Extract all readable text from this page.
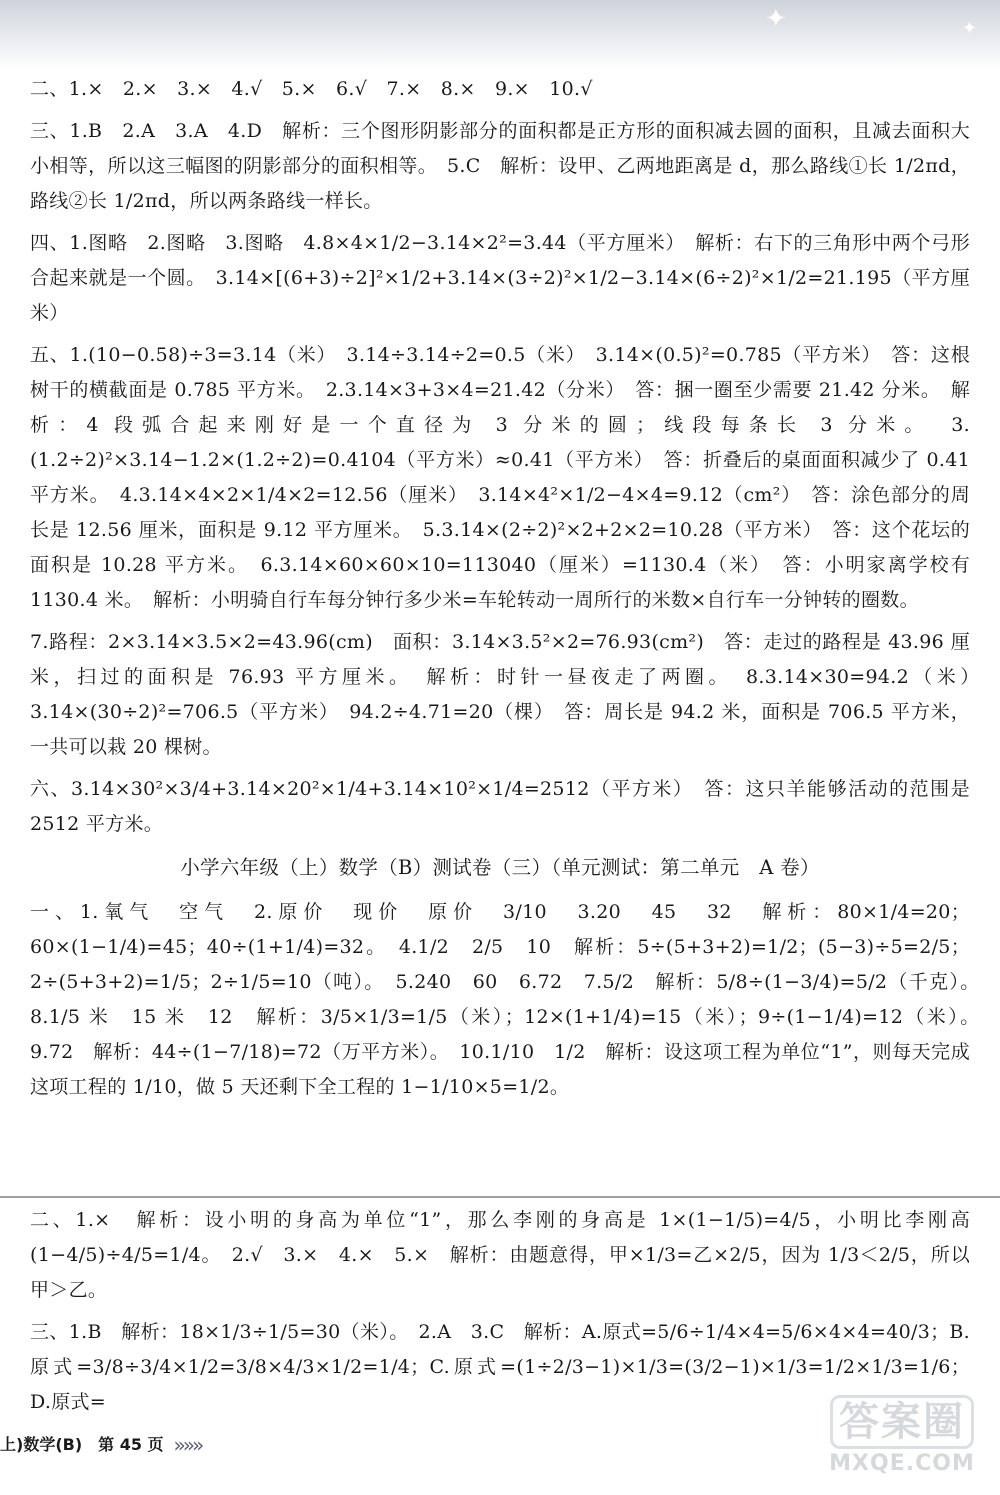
✦	✦

二、1.×　2.×　3.×　4.√　5.×　6.√　7.×　8.×　9.×　10.√

三、1.B　2.A　3.A　4.D　解析：三个图形阴影部分的面积都是正方形的面积减去圆的面积，且减去面积大小相等，所以这三幅图的阴影部分的面积相等。　5.C　解析：设甲、乙两地距离是 d，那么路线①长 1/2πd，路线②长 1/2πd，所以两条路线一样长。

四、1.图略　2.图略　3.图略　4.8×4×1/2−3.14×2²=3.44（平方厘米）　解析：右下的三角形中两个弓形合起来就是一个圆。　3.14×[(6+3)÷2]²×1/2+3.14×(3÷2)²×1/2−3.14×(6÷2)²×1/2=21.195（平方厘米）

五、1.(10−0.58)÷3=3.14（米）　3.14÷3.14÷2=0.5（米）　3.14×(0.5)²=0.785（平方米）　答：这根树干的横截面是 0.785 平方米。　2.3.14×3+3×4=21.42（分米）　答：捆一圈至少需要 21.42 分米。　解析：4 段弧合起来刚好是一个直径为 3 分米的圆；线段每条长 3 分米。　3.(1.2÷2)²×3.14−1.2×(1.2÷2)=0.4104（平方米）≈0.41（平方米）　答：折叠后的桌面面积减少了 0.41 平方米。　4.3.14×4×2×1/4×2=12.56（厘米）　3.14×4²×1/2−4×4=9.12（cm²）　答：涂色部分的周长是 12.56 厘米，面积是 9.12 平方厘米。　5.3.14×(2÷2)²×2+2×2=10.28（平方米）　答：这个花坛的面积是 10.28 平方米。　6.3.14×60×60×10=113040（厘米）=1130.4（米）　答：小明家离学校有 1130.4 米。　解析：小明骑自行车每分钟行多少米=车轮转动一周所行的米数×自行车一分钟转的圈数。

7.路程：2×3.14×3.5×2=43.96(cm)　面积：3.14×3.5²×2=76.93(cm²)　答：走过的路程是 43.96 厘米，扫过的面积是 76.93 平方厘米。　解析：时针一昼夜走了两圈。　8.3.14×30=94.2（米）　3.14×(30÷2)²=706.5（平方米）　94.2÷4.71=20（棵）　答：周长是 94.2 米，面积是 706.5 平方米，一共可以栽 20 棵树。

六、3.14×30²×3/4+3.14×20²×1/4+3.14×10²×1/4=2512（平方米）　答：这只羊能够活动的范围是 2512 平方米。

小学六年级（上）数学（B）测试卷（三）（单元测试：第二单元　A 卷）

一、1.氧气　空气　2.原价　现价　原价　3/10　3.20　45　32　解析：80×1/4=20；60×(1−1/4)=45；40÷(1+1/4)=32。　4.1/2　2/5　10　解析：5÷(5+3+2)=1/2；(5−3)÷5=2/5；2÷(5+3+2)=1/5；2÷1/5=10（吨）。　5.240　60　6.72　7.5/2　解析：5/8÷(1−3/4)=5/2（千克）。　8.1/5 米　15 米　12　解析：3/5×1/3=1/5（米）；12×(1+1/4)=15（米）；9÷(1−1/4)=12（米）。　9.72　解析：44÷(1−7/18)=72（万平方米）。　10.1/10　1/2　解析：设这项工程为单位“1”，则每天完成这项工程的 1/10，做 5 天还剩下全工程的 1−1/10×5=1/2。

二、1.×　解析：设小明的身高为单位“1”，那么李刚的身高是 1×(1−1/5)=4/5，小明比李刚高 (1−4/5)÷4/5=1/4。　2.√　3.×　4.×　5.×　解析：由题意得，甲×1/3=乙×2/5，因为 1/3＜2/5，所以甲＞乙。

三、1.B　解析：18×1/3÷1/5=30（米）。　2.A　3.C　解析：A.原式=5/6÷1/4×4=5/6×4×4=40/3；B.原式=3/8÷3/4×1/2=3/8×4/3×1/2=1/4；C.原式=(1÷2/3−1)×1/3=(3/2−1)×1/3=1/2×1/3=1/6；D.原式=

上)数学(B)　第 45 页 »»»	答案圈
MXQE.COM
